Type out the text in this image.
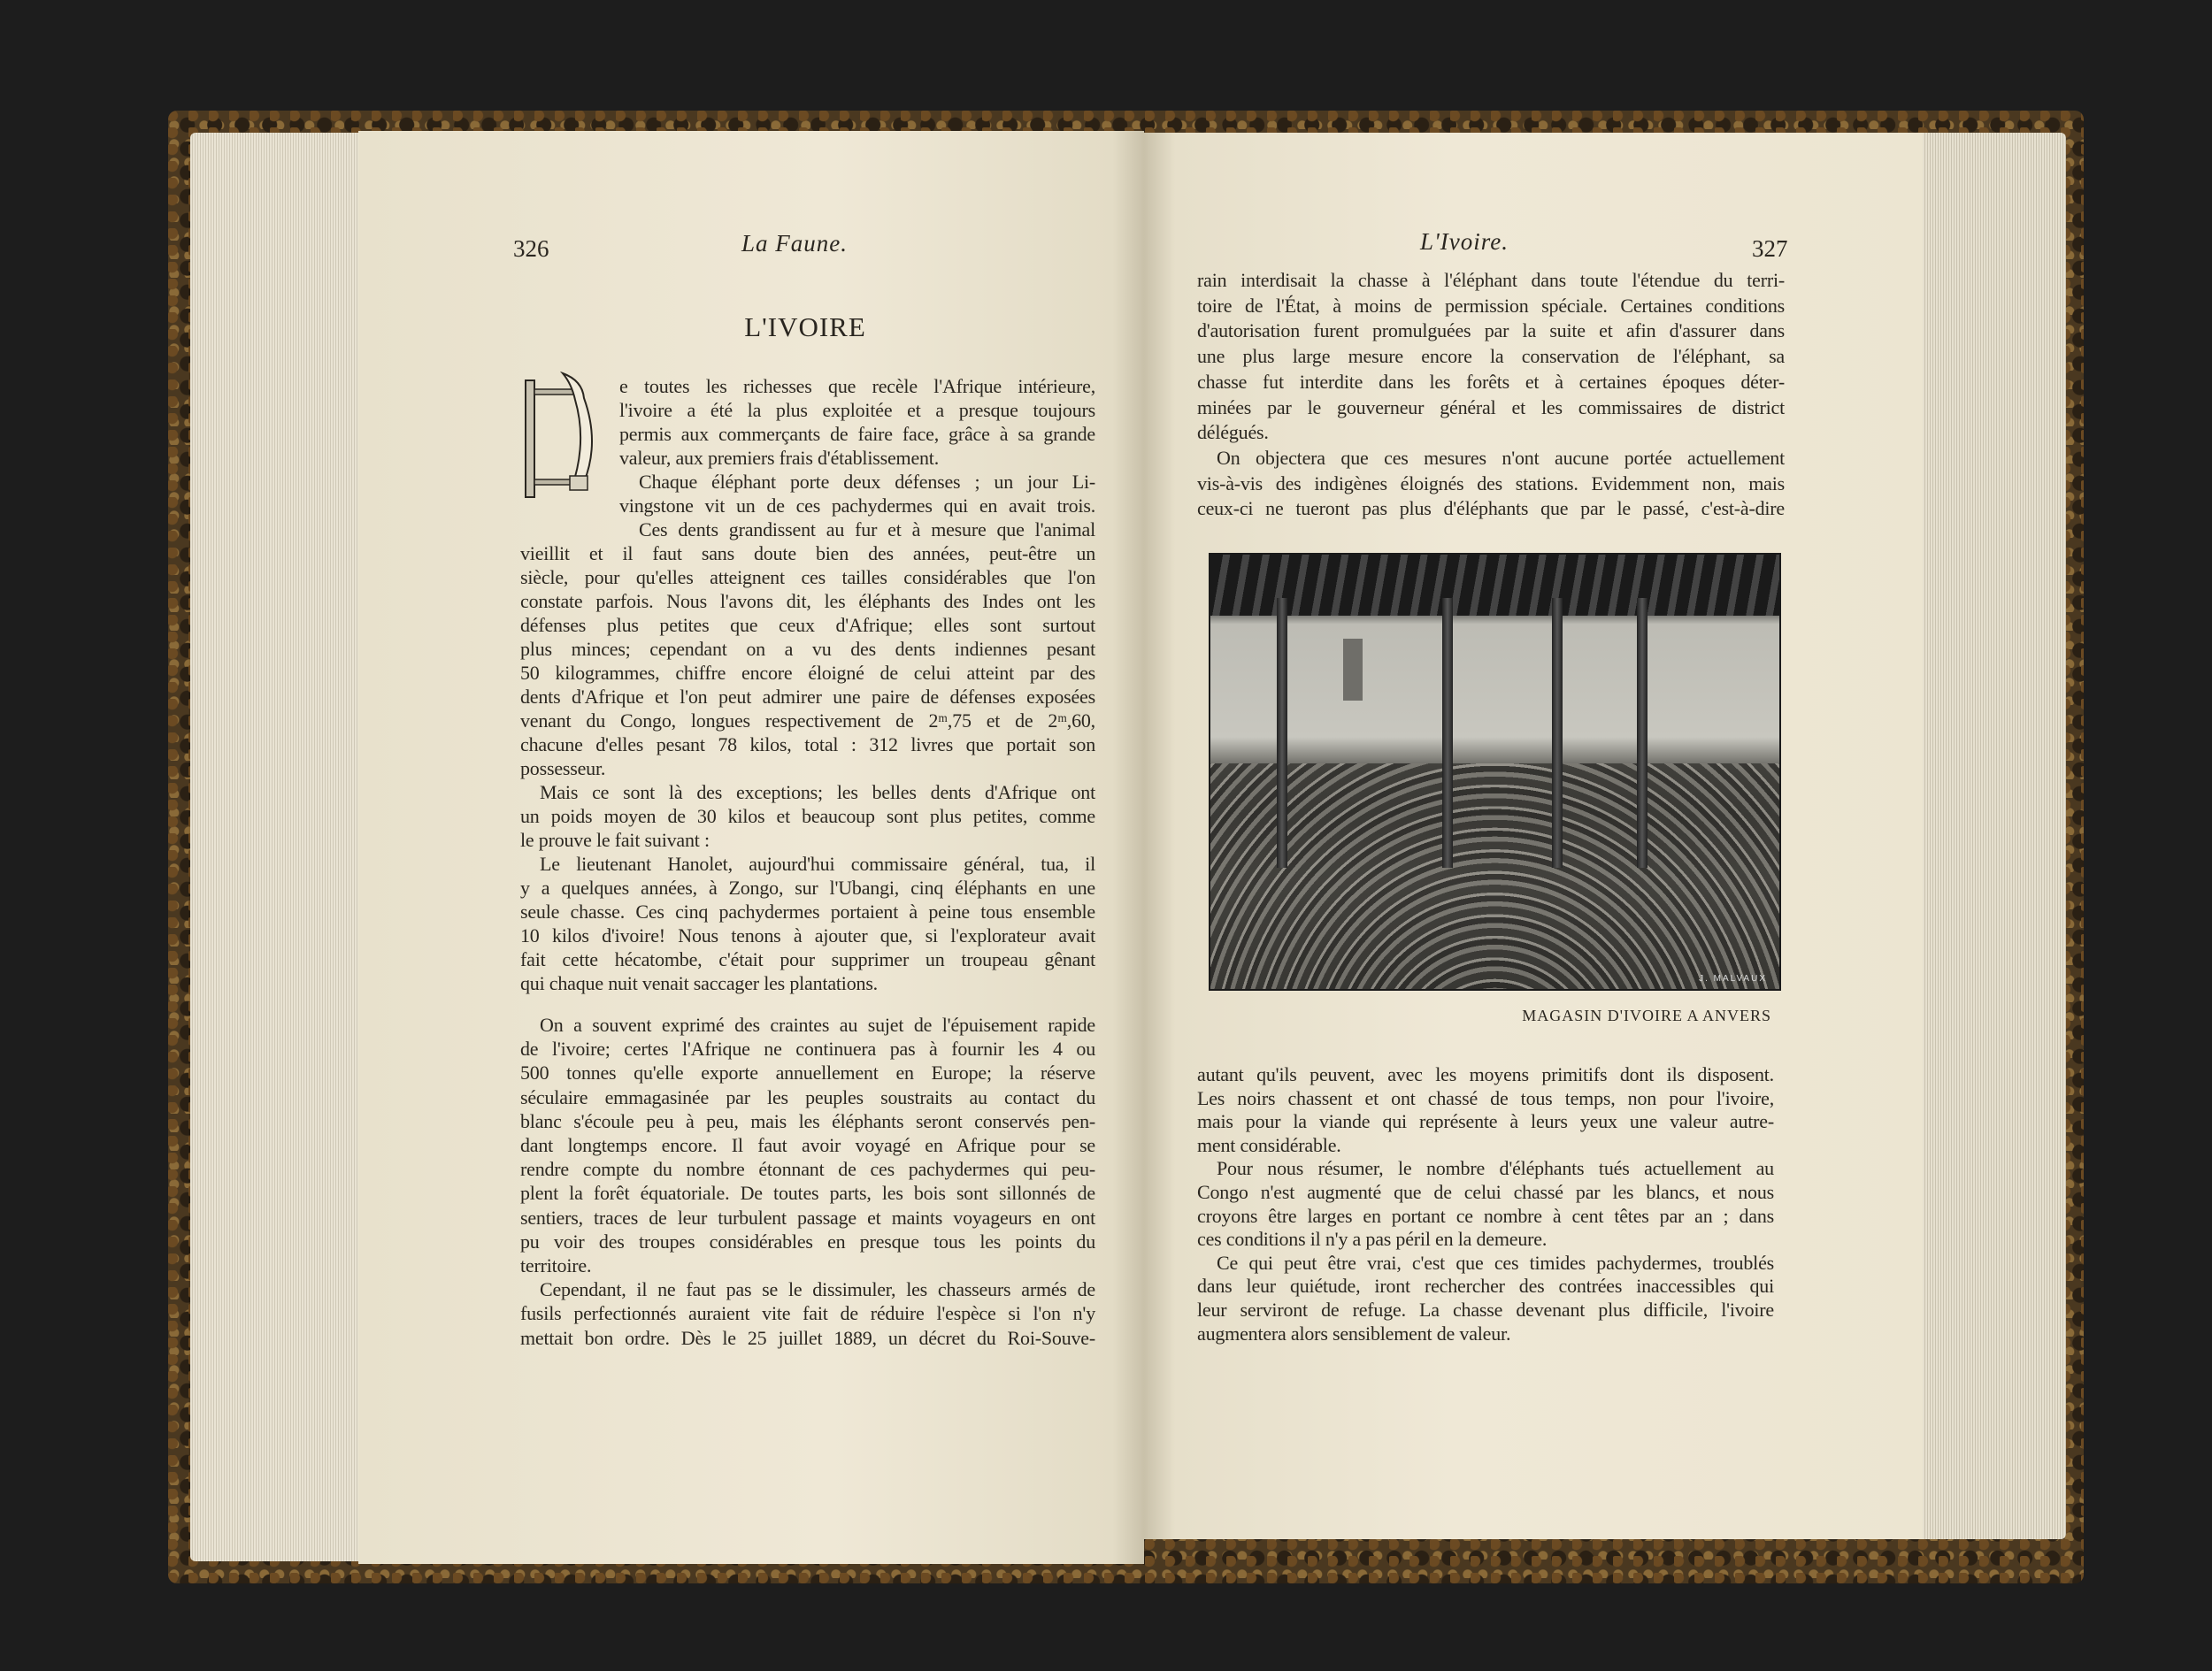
326	La Faune.
L'IVOIRE
e toutes les richesses que recèle l'Afrique intérieure,
l'ivoire a été la plus exploitée et a presque toujours
permis aux commerçants de faire face, grâce à sa grande
valeur, aux premiers frais d'établissement.
Chaque éléphant porte deux défenses ; un jour Li-
vingstone vit un de ces pachydermes qui en avait trois.
Ces dents grandissent au fur et à mesure que l'animal
vieillit et il faut sans doute bien des années, peut-être un
siècle, pour qu'elles atteignent ces tailles considérables que l'on
constate parfois. Nous l'avons dit, les éléphants des Indes ont les
défenses plus petites que ceux d'Afrique; elles sont surtout
plus minces; cependant on a vu des dents indiennes pesant
50 kilogrammes, chiffre encore éloigné de celui atteint par des
dents d'Afrique et l'on peut admirer une paire de défenses exposées
venant du Congo, longues respectivement de 2ᵐ,75 et de 2ᵐ,60,
chacune d'elles pesant 78 kilos, total : 312 livres que portait son
possesseur.
Mais ce sont là des exceptions; les belles dents d'Afrique ont
un poids moyen de 30 kilos et beaucoup sont plus petites, comme
le prouve le fait suivant :
Le lieutenant Hanolet, aujourd'hui commissaire général, tua, il
y a quelques années, à Zongo, sur l'Ubangi, cinq éléphants en une
seule chasse. Ces cinq pachydermes portaient à peine tous ensemble
10 kilos d'ivoire! Nous tenons à ajouter que, si l'explorateur avait
fait cette hécatombe, c'était pour supprimer un troupeau gênant
qui chaque nuit venait saccager les plantations.
On a souvent exprimé des craintes au sujet de l'épuisement rapide
de l'ivoire; certes l'Afrique ne continuera pas à fournir les 4 ou
500 tonnes qu'elle exporte annuellement en Europe; la réserve
séculaire emmagasinée par les peuples soustraits au contact du
blanc s'écoule peu à peu, mais les éléphants seront conservés pen-
dant longtemps encore. Il faut avoir voyagé en Afrique pour se
rendre compte du nombre étonnant de ces pachydermes qui peu-
plent la forêt équatoriale. De toutes parts, les bois sont sillonnés de
sentiers, traces de leur turbulent passage et maints voyageurs en ont
pu voir des troupes considérables en presque tous les points du
territoire.
Cependant, il ne faut pas se le dissimuler, les chasseurs armés de
fusils perfectionnés auraient vite fait de réduire l'espèce si l'on n'y
mettait bon ordre. Dès le 25 juillet 1889, un décret du Roi-Souve-
L'Ivoire.	327
rain interdisait la chasse à l'éléphant dans toute l'étendue du terri-
toire de l'État, à moins de permission spéciale. Certaines conditions
d'autorisation furent promulguées par la suite et afin d'assurer dans
une plus large mesure encore la conservation de l'éléphant, sa
chasse fut interdite dans les forêts et à certaines époques déter-
minées par le gouverneur général et les commissaires de district
délégués.
On objectera que ces mesures n'ont aucune portée actuellement
vis-à-vis des indigènes éloignés des stations. Evidemment non, mais
ceux-ci ne tueront pas plus d'éléphants que par le passé, c'est-à-dire
autant qu'ils peuvent, avec les moyens primitifs dont ils disposent.
Les noirs chassent et ont chassé de tous temps, non pour l'ivoire,
mais pour la viande qui représente à leurs yeux une valeur autre-
ment considérable.
Pour nous résumer, le nombre d'éléphants tués actuellement au
Congo n'est augmenté que de celui chassé par les blancs, et nous
croyons être larges en portant ce nombre à cent têtes par an ; dans
ces conditions il n'y a pas péril en la demeure.
Ce qui peut être vrai, c'est que ces timides pachydermes, troublés
dans leur quiétude, iront rechercher des contrées inaccessibles qui
leur serviront de refuge. La chasse devenant plus difficile, l'ivoire
augmentera alors sensiblement de valeur.
J. MALVAUX
MAGASIN D'IVOIRE A ANVERS
